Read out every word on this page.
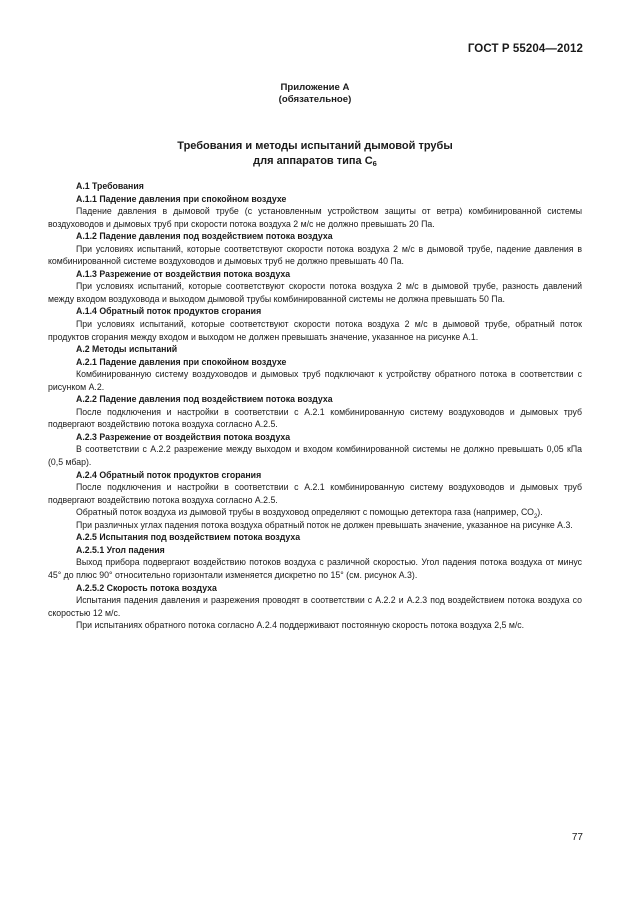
ГОСТ Р 55204—2012
Приложение А
(обязательное)
Требования и методы испытаний дымовой трубы
для аппаратов типа $С_6$

А.1 Требования

А.1.1 Падение давления при спокойном воздухе

Падение давления в дымовой трубе (с установленным устройством защиты от ветра) комбинированной системы воздуховодов и дымовых труб при скорости потока воздуха 2 м/с не должно превышать 20 Па.

А.1.2 Падение давления под воздействием потока воздуха

При условиях испытаний, которые соответствуют скорости потока воздуха 2 м/с в дымовой трубе, падение давления в комбинированной системе воздуховодов и дымовых труб не должно превышать 40 Па.

А.1.3 Разрежение от воздействия потока воздуха

При условиях испытаний, которые соответствуют скорости потока воздуха 2 м/с в дымовой трубе, разность давлений между входом воздуховода и выходом дымовой трубы комбинированной системы не должна превышать 50 Па.

А.1.4 Обратный поток продуктов сгорания

При условиях испытаний, которые соответствуют скорости потока воздуха 2 м/с в дымовой трубе, обратный поток продуктов сгорания между входом и выходом не должен превышать значение, указанное на рисунке А.1.

А.2 Методы испытаний

А.2.1 Падение давления при спокойном воздухе

Комбинированную систему воздуховодов и дымовых труб подключают к устройству обратного потока в соответствии с рисунком А.2.

А.2.2 Падение давления под воздействием потока воздуха

После подключения и настройки в соответствии с А.2.1 комбинированную систему воздуховодов и дымовых труб подвергают воздействию потока воздуха согласно А.2.5.

А.2.3 Разрежение от воздействия потока воздуха

В соответствии с А.2.2 разрежение между выходом и входом комбинированной системы не должно превышать 0,05 кПа (0,5 мбар).

А.2.4 Обратный поток продуктов сгорания

После подключения и настройки в соответствии с А.2.1 комбинированную систему воздуховодов и дымовых труб подвергают воздействию потока воздуха согласно А.2.5.

Обратный поток воздуха из дымовой трубы в воздуховод определяют с помощью детектора газа (например, $СО_2$).

При различных углах падения потока воздуха обратный поток не должен превышать значение, указанное на рисунке А.3.

А.2.5 Испытания под воздействием потока воздуха

А.2.5.1 Угол падения

Выход прибора подвергают воздействию потоков воздуха с различной скоростью. Угол падения потока воздуха от минус 45° до плюс 90° относительно горизонтали изменяется дискретно по 15° (см. рисунок А.3).

А.2.5.2 Скорость потока воздуха

Испытания падения давления и разрежения проводят в соответствии с А.2.2 и А.2.3 под воздействием потока воздуха со скоростью 12 м/с.

При испытаниях обратного потока согласно А.2.4 поддерживают постоянную скорость потока воздуха 2,5 м/с.

77
